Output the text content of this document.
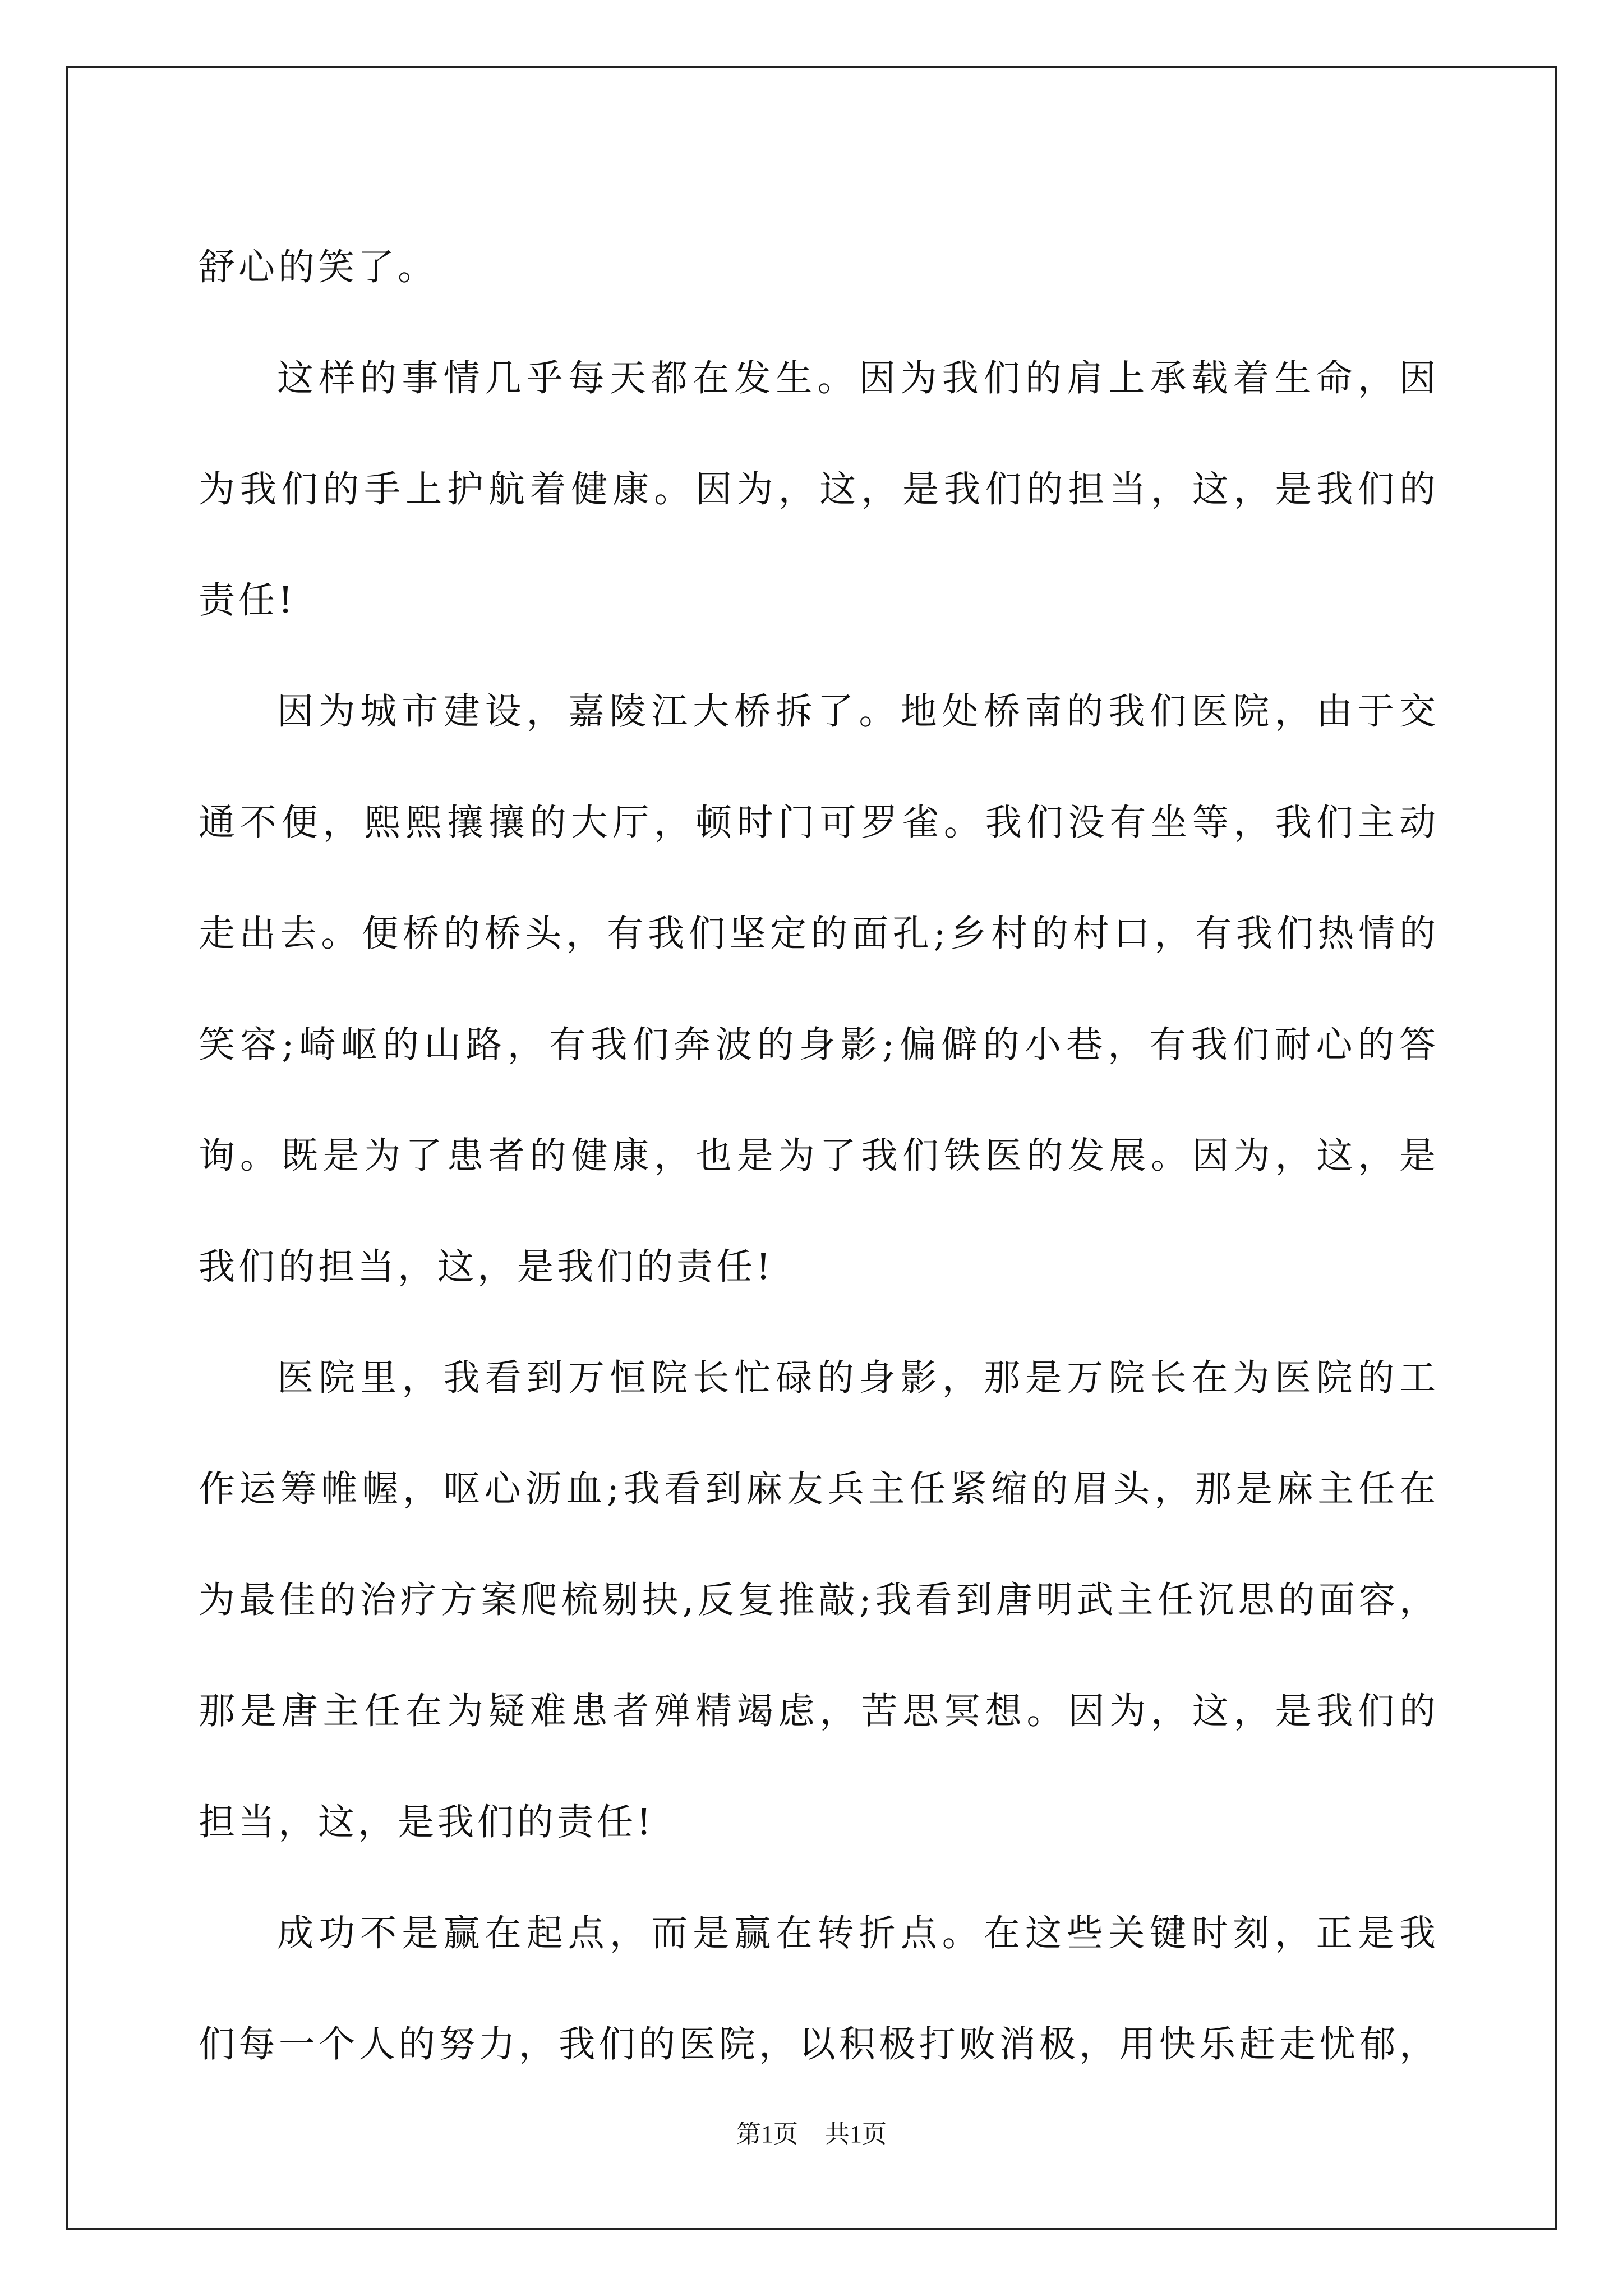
舒心的笑了。
这样的事情几乎每天都在发生。因为我们的肩上承载着生命，因
为我们的手上护航着健康。因为，这，是我们的担当，这，是我们的
责任!
因为城市建设，嘉陵江大桥拆了。地处桥南的我们医院，由于交
通不便，熙熙攘攘的大厅，顿时门可罗雀。我们没有坐等，我们主动
走出去。便桥的桥头，有我们坚定的面孔;乡村的村口，有我们热情的
笑容;崎岖的山路，有我们奔波的身影;偏僻的小巷，有我们耐心的答
询。既是为了患者的健康，也是为了我们铁医的发展。因为，这，是
我们的担当，这，是我们的责任!
医院里，我看到万恒院长忙碌的身影，那是万院长在为医院的工
作运筹帷幄，呕心沥血;我看到麻友兵主任紧缩的眉头，那是麻主任在
为最佳的治疗方案爬梳剔抉,反复推敲;我看到唐明武主任沉思的面容，
那是唐主任在为疑难患者殚精竭虑，苦思冥想。因为，这，是我们的
担当，这，是我们的责任!
成功不是赢在起点，而是赢在转折点。在这些关键时刻，正是我
们每一个人的努力，我们的医院，以积极打败消极，用快乐赶走忧郁，
第1页 共1页
